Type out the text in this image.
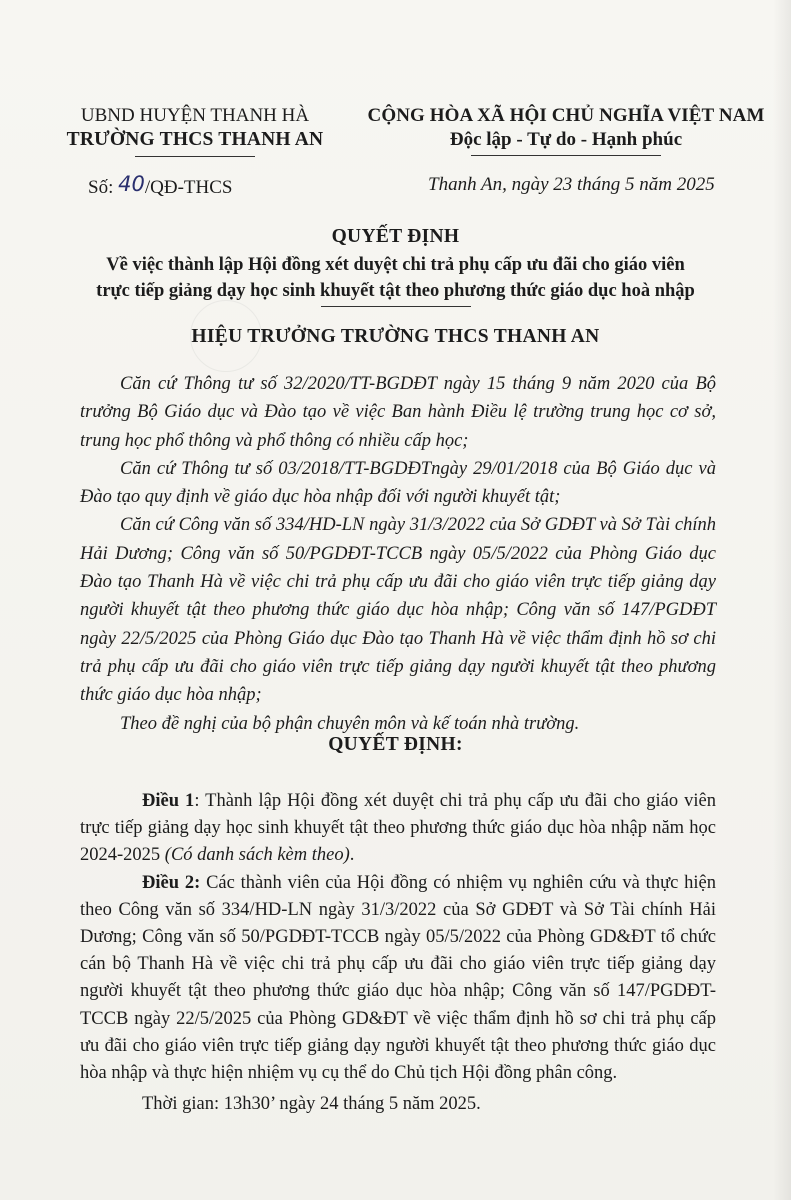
UBND HUYỆN THANH HÀ
TRƯỜNG THCS THANH AN
CỘNG HÒA XÃ HỘI CHỦ NGHĨA VIỆT NAM
Độc lập - Tự do - Hạnh phúc
Số: 40/QĐ-THCS	Thanh An, ngày 23 tháng 5 năm 2025
QUYẾT ĐỊNH
Về việc thành lập Hội đồng xét duyệt chi trả phụ cấp ưu đãi cho giáo viên
trực tiếp giảng dạy học sinh khuyết tật theo phương thức giáo dục hoà nhập
HIỆU TRƯỞNG TRƯỜNG THCS THANH AN

Căn cứ Thông tư số 32/2020/TT-BGDĐT ngày 15 tháng 9 năm 2020 của Bộ trưởng Bộ Giáo dục và Đào tạo về việc Ban hành Điều lệ trường trung học cơ sở, trung học phổ thông và phổ thông có nhiều cấp học;

Căn cứ Thông tư số 03/2018/TT-BGDĐTngày 29/01/2018 của Bộ Giáo dục và Đào tạo quy định về giáo dục hòa nhập đối với người khuyết tật;

Căn cứ Công văn số 334/HD-LN ngày 31/3/2022 của Sở GDĐT và Sở Tài chính Hải Dương; Công văn số 50/PGDĐT-TCCB ngày 05/5/2022 của Phòng Giáo dục Đào tạo Thanh Hà về việc chi trả phụ cấp ưu đãi cho giáo viên trực tiếp giảng dạy người khuyết tật theo phương thức giáo dục hòa nhập; Công văn số 147/PGDĐT ngày 22/5/2025 của Phòng Giáo dục Đào tạo Thanh Hà về việc thẩm định hồ sơ chi trả phụ cấp ưu đãi cho giáo viên trực tiếp giảng dạy người khuyết tật theo phương thức giáo dục hòa nhập;

Theo đề nghị của bộ phận chuyên môn và kế toán nhà trường.

QUYẾT ĐỊNH:

Điều 1: Thành lập Hội đồng xét duyệt chi trả phụ cấp ưu đãi cho giáo viên trực tiếp giảng dạy học sinh khuyết tật theo phương thức giáo dục hòa nhập năm học 2024-2025 (Có danh sách kèm theo).

Điều 2: Các thành viên của Hội đồng có nhiệm vụ nghiên cứu và thực hiện theo Công văn số 334/HD-LN ngày 31/3/2022 của Sở GDĐT và Sở Tài chính Hải Dương; Công văn số 50/PGDĐT-TCCB ngày 05/5/2022 của Phòng GD&ĐT tổ chức cán bộ Thanh Hà về việc chi trả phụ cấp ưu đãi cho giáo viên trực tiếp giảng dạy người khuyết tật theo phương thức giáo dục hòa nhập; Công văn số 147/PGDĐT-TCCB ngày 22/5/2025 của Phòng GD&ĐT về việc thẩm định hồ sơ chi trả phụ cấp ưu đãi cho giáo viên trực tiếp giảng dạy người khuyết tật theo phương thức giáo dục hòa nhập và thực hiện nhiệm vụ cụ thể do Chủ tịch Hội đồng phân công.

Thời gian: 13h30’ ngày 24 tháng 5 năm 2025.
